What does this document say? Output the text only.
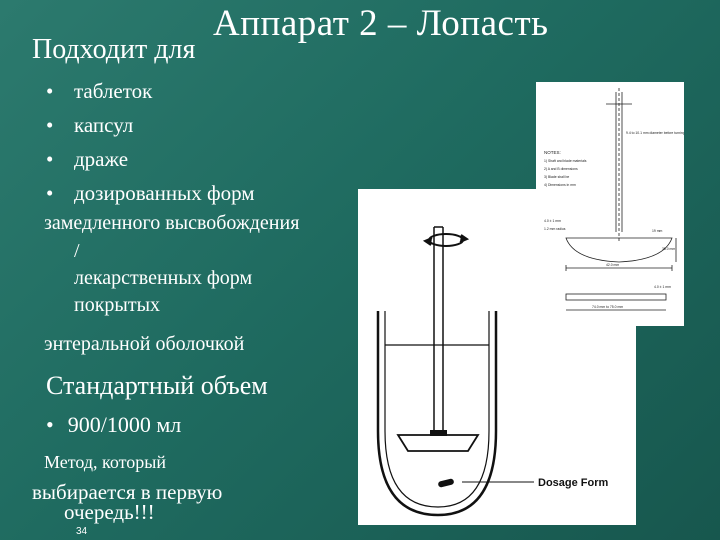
Аппарат 2 – Лопасть
Подходит для
• таблеток
• капсул
• драже
• дозированных форм
замедленного высвобождения
/
лекарственных форм
покрытых
энтеральной оболочкой
Стандартный объем
• 900/1000 мл
Метод, который
выбирается в первую
очередь!!!
34
Dosage Form
9.4 to 10.1 mm diameter before turning
NOTES:
1) Shaft and blade materials
2) A and B dimensions
3) Blade shall be
4) Dimensions in mm
4.0 ± 1 mm
1.2 mm radius	19 mm
35.0 mm
42.0 mm
4.0 ± 1 mm
74.0 mm to 75.0 mm
